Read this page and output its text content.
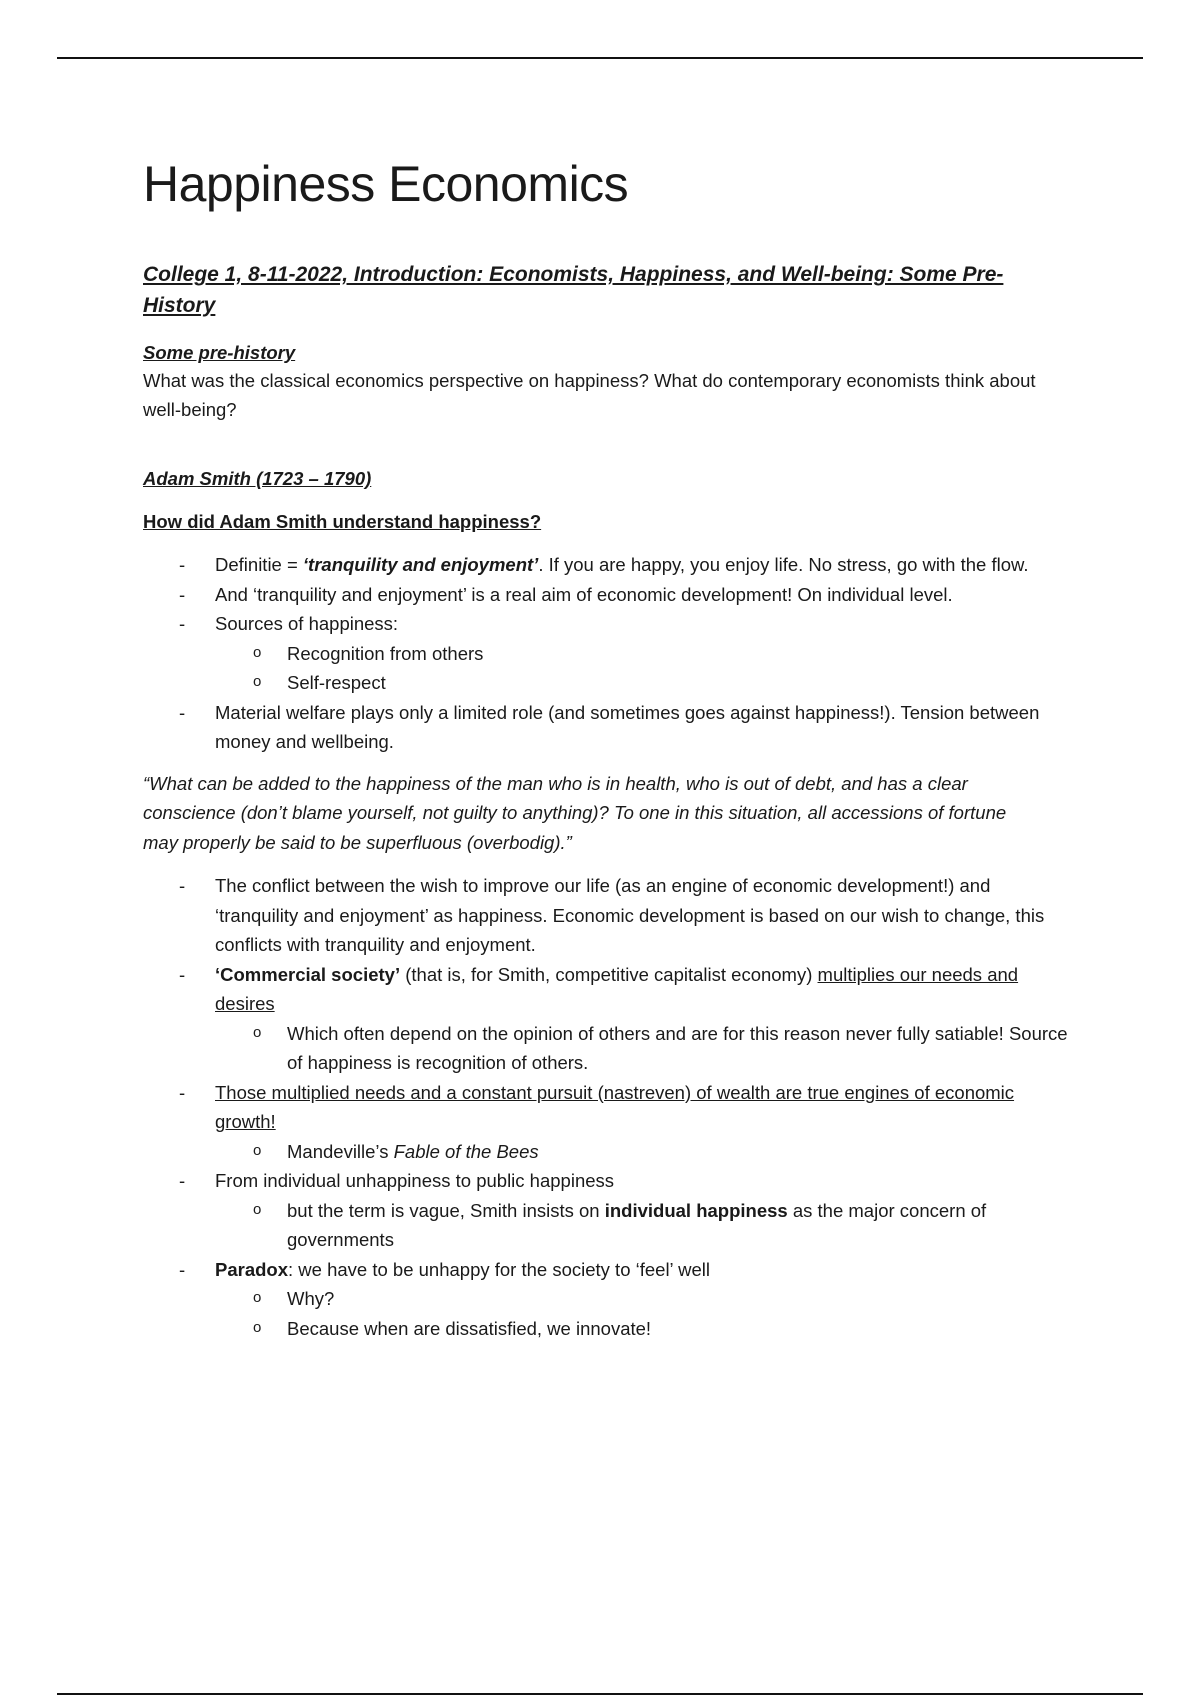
Happiness Economics
College 1, 8-11-2022, Introduction: Economists, Happiness, and Well-being: Some Pre-History
Some pre-history

What was the classical economics perspective on happiness? What do contemporary economists think about well-being?

Adam Smith (1723 – 1790)
How did Adam Smith understand happiness?
- Definitie = ‘tranquility and enjoyment’. If you are happy, you enjoy life. No stress, go with the flow.
- And ‘tranquility and enjoyment’ is a real aim of economic development! On individual level.
- Sources of happiness:
o Recognition from others
o Self-respect
- Material welfare plays only a limited role (and sometimes goes against happiness!). Tension between money and wellbeing.
“What can be added to the happiness of the man who is in health, who is out of debt, and has a clear conscience (don’t blame yourself, not guilty to anything)? To one in this situation, all accessions of fortune may properly be said to be superfluous (overbodig).”
- The conflict between the wish to improve our life (as an engine of economic development!) and ‘tranquility and enjoyment’ as happiness. Economic development is based on our wish to change, this conflicts with tranquility and enjoyment.
- ‘Commercial society’ (that is, for Smith, competitive capitalist economy) multiplies our needs and desires
o Which often depend on the opinion of others and are for this reason never fully satiable! Source of happiness is recognition of others.
- Those multiplied needs and a constant pursuit (nastreven) of wealth are true engines of economic growth!
o Mandeville’s Fable of the Bees
- From individual unhappiness to public happiness
o but the term is vague, Smith insists on individual happiness as the major concern of governments
- Paradox: we have to be unhappy for the society to ‘feel’ well
o Why?
o Because when are dissatisfied, we innovate!
